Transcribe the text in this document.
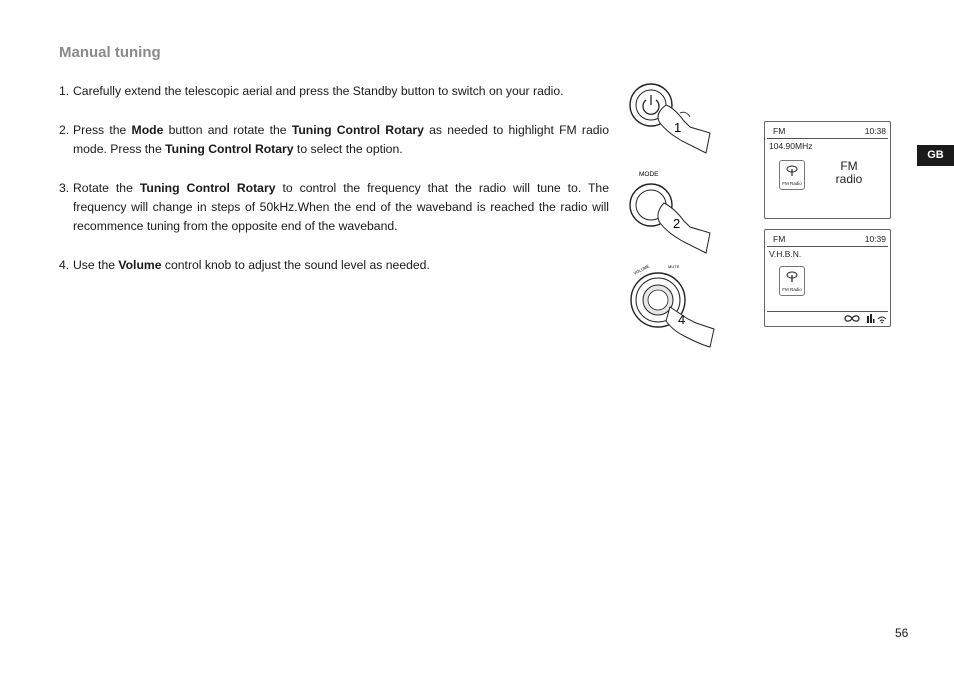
Manual tuning

1. Carefully extend the telescopic aerial and press the Standby button to switch on your radio.

2. Press the Mode button and rotate the Tuning Control Rotary as needed to highlight FM radio mode. Press the Tuning Control Rotary to select the option.

3. Rotate the Tuning Control Rotary to control the frequency that the radio will tune to. The frequency will change in steps of 50kHz.When the end of the waveband is reached the radio will recommence tuning from the opposite end of the waveband.

4. Use the Volume control knob to adjust the sound level as needed.

1
MODE
2
VOLUME	MUTE
4
FM	10:38
104.90MHz
FM Radio
FM
radio
FM	10:39
V.H.B.N.
FM Radio
GB
56
